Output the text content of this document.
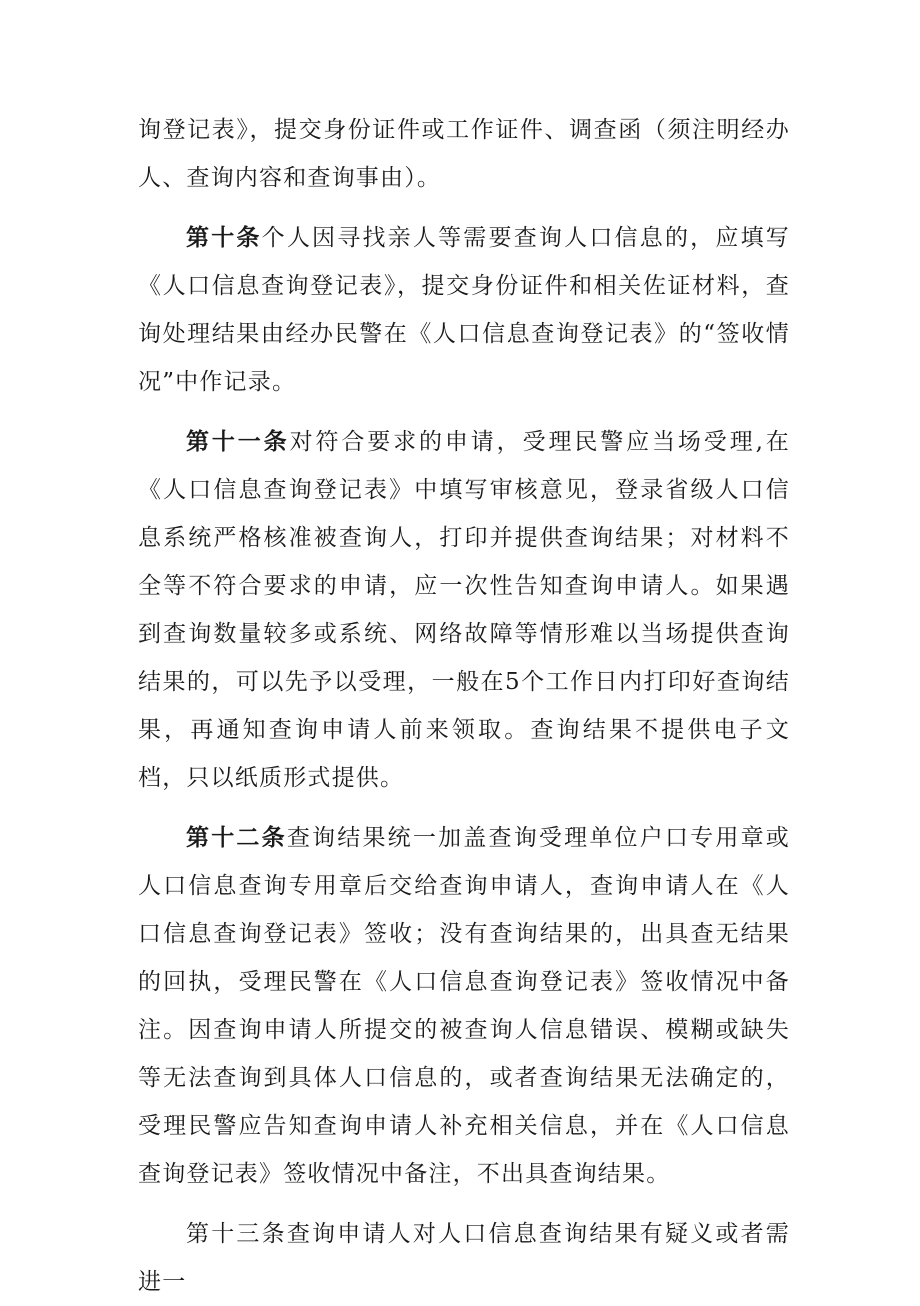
询登记表》，提交身份证件或工作证件、调查函（须注明经办人、查询内容和查询事由）。

第十条个人因寻找亲人等需要查询人口信息的，应填写《人口信息查询登记表》，提交身份证件和相关佐证材料，查询处理结果由经办民警在《人口信息查询登记表》的“签收情况”中作记录。

第十一条对符合要求的申请，受理民警应当场受理,在《人口信息查询登记表》中填写审核意见，登录省级人口信息系统严格核准被查询人，打印并提供查询结果；对材料不全等不符合要求的申请，应一次性告知查询申请人。如果遇到查询数量较多或系统、网络故障等情形难以当场提供查询结果的，可以先予以受理，一般在5个工作日内打印好查询结果，再通知查询申请人前来领取。查询结果不提供电子文档，只以纸质形式提供。

第十二条查询结果统一加盖查询受理单位户口专用章或人口信息查询专用章后交给查询申请人，查询申请人在《人口信息查询登记表》签收；没有查询结果的，出具查无结果的回执，受理民警在《人口信息查询登记表》签收情况中备注。因查询申请人所提交的被查询人信息错误、模糊或缺失等无法查询到具体人口信息的，或者查询结果无法确定的，受理民警应告知查询申请人补充相关信息，并在《人口信息查询登记表》签收情况中备注，不出具查询结果。

第十三条查询申请人对人口信息查询结果有疑义或者需进一
